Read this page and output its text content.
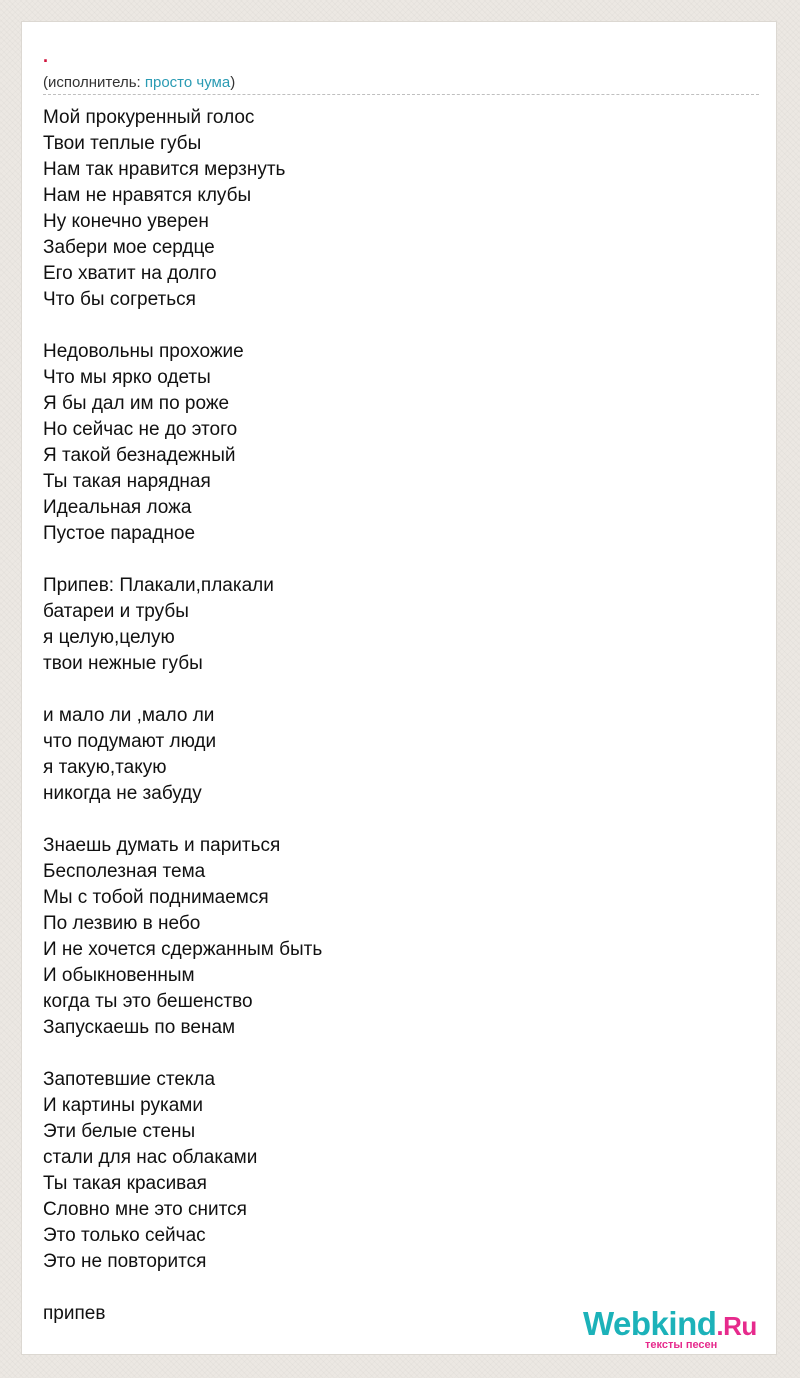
.
(исполнитель: просто чума)
Мой прокуренный голос
Твои теплые губы
Нам так нравится мерзнуть
Нам не нравятся клубы
Ну конечно уверен
Забери мое сердце
Его хватит на долго
Что бы согреться
Недовольны прохожие
Что мы ярко одеты
Я бы дал им по роже
Но сейчас не до этого
Я такой безнадежный
Ты такая нарядная
Идеальная ложа
Пустое парадное
Припев: Плакали,плакали
батареи и трубы
я целую,целую
твои нежные губы
и мало ли ,мало ли
что подумают люди
я такую,такую
никогда не забуду
Знаешь думать и париться
Бесполезная тема
Мы с тобой поднимаемся
По лезвию в небо
И не хочется сдержанным быть
И обыкновенным
когда ты это бешенство
Запускаешь по венам
Запотевшие стекла
И картины руками
Эти белые стены
стали для нас облаками
Ты такая красивая
Словно мне это снится
Это только сейчас
Это не повторится
припев	Webkind.Ru
тексты песен
